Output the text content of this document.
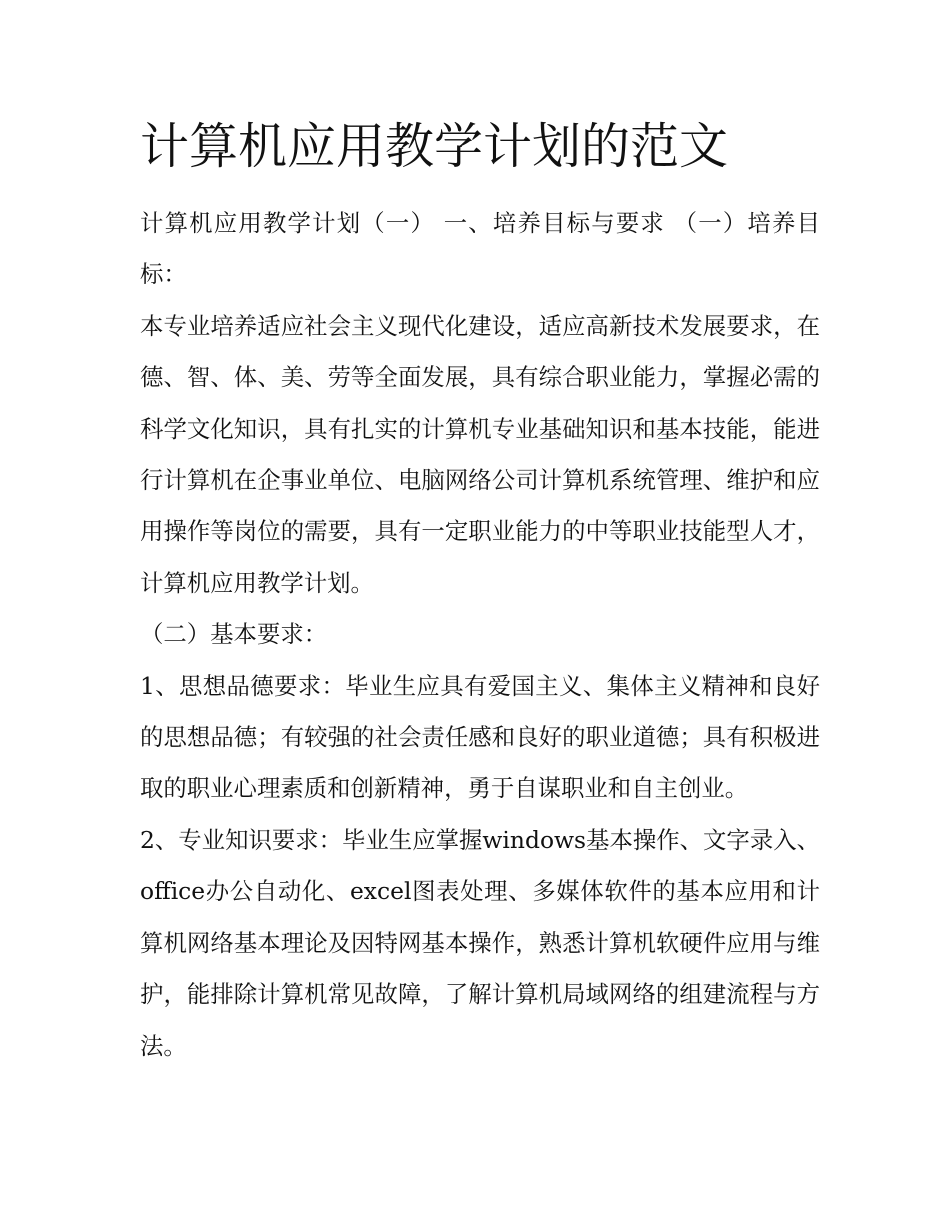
计算机应用教学计划的范文

计算机应用教学计划（一） 一、培养目标与要求 （一）培养目标：

本专业培养适应社会主义现代化建设，适应高新技术发展要求，在德、智、体、美、劳等全面发展，具有综合职业能力，掌握必需的科学文化知识，具有扎实的计算机专业基础知识和基本技能，能进行计算机在企事业单位、电脑网络公司计算机系统管理、维护和应用操作等岗位的需要，具有一定职业能力的中等职业技能型人才，计算机应用教学计划。

（二）基本要求：

1、思想品德要求：毕业生应具有爱国主义、集体主义精神和良好的思想品德；有较强的社会责任感和良好的职业道德；具有积极进取的职业心理素质和创新精神，勇于自谋职业和自主创业。

2、专业知识要求：毕业生应掌握windows基本操作、文字录入、office办公自动化、excel图表处理、多媒体软件的基本应用和计算机网络基本理论及因特网基本操作，熟悉计算机软硬件应用与维护，能排除计算机常见故障，了解计算机局域网络的组建流程与方法。
